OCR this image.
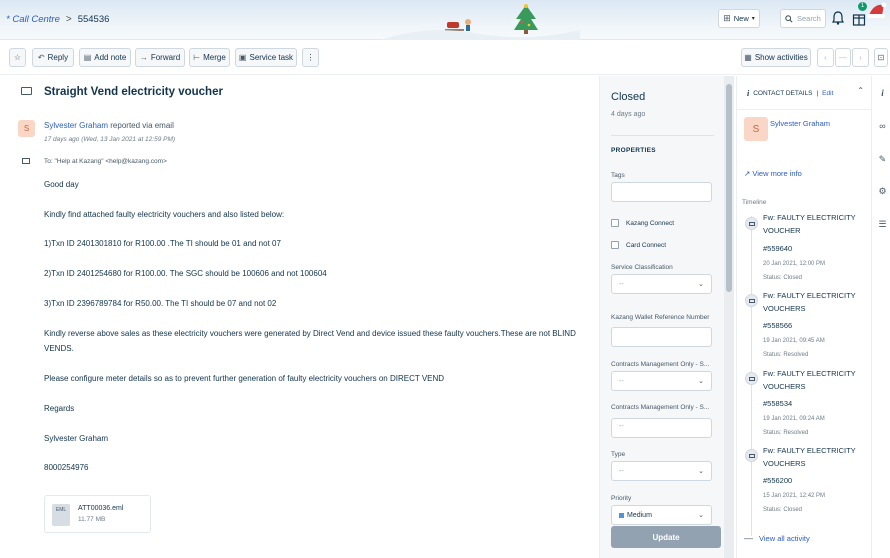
* Call Centre > 554536	⊞ New ▾	Search
1
☆ ↶ Reply ▤ Add note → Forward ⊢ Merge ▣ Service task ⋮	▦ Show activities ‹ — › ⊡
Straight Vend electricity voucher
S	Sylvester Graham reported via email
17 days ago (Wed, 13 Jan 2021 at 12:59 PM)
To: "Help at Kazang" <help@kazang.com>
Good day
Kindly find attached faulty electricity vouchers and also listed below:
1)Txn ID 2401301810 for R100.00 .The TI should be 01 and not 07
2)Txn ID 2401254680 for R100.00. The SGC should be 100606 and not 100604
3)Txn ID 2396789784 for R50.00. The TI should be 07 and not 02
Kindly reverse above sales as these electricity vouchers were generated by Direct Vend and device issued these faulty vouchers.These are not BLIND VENDS.
Please configure meter details so as to prevent further generation of faulty electricity vouchers on DIRECT VEND
Regards
Sylvester Graham
8000254976
EML	ATT00036.eml
11.77 MB
Closed
4 days ago
PROPERTIES
Tags
Kazang Connect
Card Connect
Service Classification
--	⌄
Kazang Wallet Reference Number
Contracts Management Only - S...
--	⌄
Contracts Management Only - S...
--
Type
--	⌄
Priority
Medium	⌄
Update
i CONTACT DETAILS | Edit	⌃
S	Sylvester Graham
↗ View more info
Timeline
Fw: FAULTY ELECTRICITY VOUCHER
#559640
20 Jan 2021, 12:00 PM
Status: Closed
Fw: FAULTY ELECTRICITY VOUCHERS
#558566
19 Jan 2021, 09:45 AM
Status: Resolved
Fw: FAULTY ELECTRICITY VOUCHERS
#558534
19 Jan 2021, 09:24 AM
Status: Resolved
Fw: FAULTY ELECTRICITY VOUCHERS
#556200
15 Jan 2021, 12:42 PM
Status: Closed
— View all activity
i
∞
✎
⚙
☰
